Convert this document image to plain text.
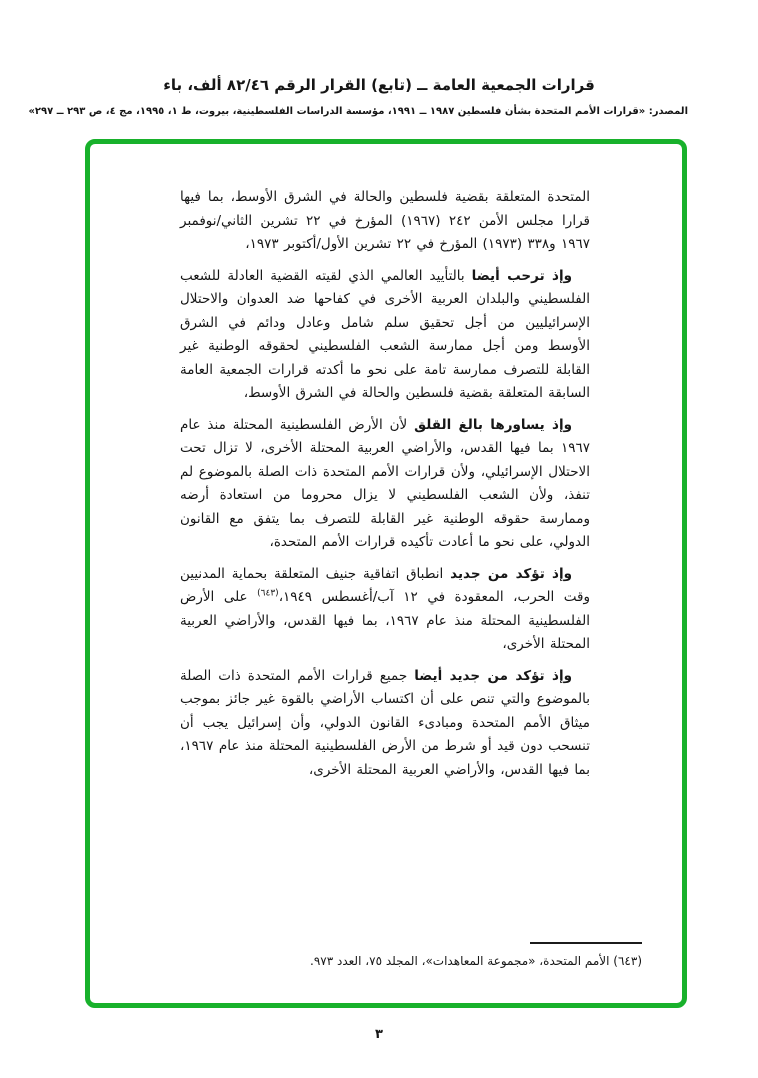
قرارات الجمعية العامة ــ (تابع) القرار الرقم ٨٢/٤٦ ألف، باء
المصدر: «قرارات الأمم المتحدة بشأن فلسطين ١٩٨٧ ــ ١٩٩١، مؤسسة الدراسات الفلسطينية، بيروت، ط ١، ١٩٩٥، مج ٤، ص ٢٩٣ ــ ٢٩٧»

المتحدة المتعلقة بقضية فلسطين والحالة في الشرق الأوسط، بما فيها قرارا مجلس الأمن ٢٤٢ (١٩٦٧) المؤرخ في ٢٢ تشرين الثاني/نوفمبر ١٩٦٧ و٣٣٨ (١٩٧٣) المؤرخ في ٢٢ تشرين الأول/أكتوبر ١٩٧٣،

وإذ ترحب أيضا بالتأييد العالمي الذي لقيته القضية العادلة للشعب الفلسطيني والبلدان العربية الأخرى في كفاحها ضد العدوان والاحتلال الإسرائيليين من أجل تحقيق سلم شامل وعادل ودائم في الشرق الأوسط ومن أجل ممارسة الشعب الفلسطيني لحقوقه الوطنية غير القابلة للتصرف ممارسة تامة على نحو ما أكدته قرارات الجمعية العامة السابقة المتعلقة بقضية فلسطين والحالة في الشرق الأوسط،

وإذ يساورها بالغ القلق لأن الأرض الفلسطينية المحتلة منذ عام ١٩٦٧ بما فيها القدس، والأراضي العربية المحتلة الأخرى، لا تزال تحت الاحتلال الإسرائيلي، ولأن قرارات الأمم المتحدة ذات الصلة بالموضوع لم تنفذ، ولأن الشعب الفلسطيني لا يزال محروما من استعادة أرضه وممارسة حقوقه الوطنية غير القابلة للتصرف بما يتفق مع القانون الدولي، على نحو ما أعادت تأكيده قرارات الأمم المتحدة،

وإذ تؤكد من جديد انطباق اتفاقية جنيف المتعلقة بحماية المدنيين وقت الحرب، المعقودة في ١٢ آب/أغسطس ١٩٤٩،$^{(٦٤٣)}$ على الأرض الفلسطينية المحتلة منذ عام ١٩٦٧، بما فيها القدس، والأراضي العربية المحتلة الأخرى،

وإذ تؤكد من جديد أيضا جميع قرارات الأمم المتحدة ذات الصلة بالموضوع والتي تنص على أن اكتساب الأراضي بالقوة غير جائز بموجب ميثاق الأمم المتحدة ومبادىء القانون الدولي، وأن إسرائيل يجب أن تنسحب دون قيد أو شرط من الأرض الفلسطينية المحتلة منذ عام ١٩٦٧، بما فيها القدس، والأراضي العربية المحتلة الأخرى،

(٦٤٣) الأمم المتحدة، «مجموعة المعاهدات»، المجلد ٧٥، العدد ٩٧٣.
٣
